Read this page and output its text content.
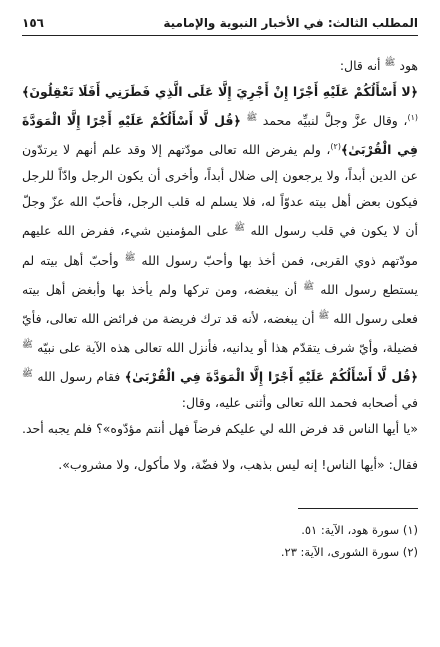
المطلب الثالث: في الأخبار النبوية والإمامية
١٥٦

هود $^ﷺ$ أنه قال:

﴿لا أَسْأَلُكُمْ عَلَيْهِ أَجْرًا إِنْ أَجْرِيَ إِلَّا عَلَى الَّذِي فَطَرَنِي أَفَلَا تَعْقِلُونَ﴾$^{(١)}$، وقال عزَّ وجلَّ لنبيِّه محمد $^ﷺ$ ﴿قُل لَّا أَسْأَلُكُمْ عَلَيْهِ أَجْرًا إِلَّا الْمَوَدَّةَ فِي الْقُرْبَىٰ﴾$^{(٢)}$، ولم يفرض الله تعالى مودّتهم إلا وقد علم أنهم لا يرتدّون عن الدين أبداً، ولا يرجعون إلى ضلال أبداً، وأخرى أن يكون الرجل وادّاً للرجل فيكون بعض أهل بيته عدوّاً له، فلا يسلم له قلب الرجل، فأحبّ الله عزّ وجلّ أن لا يكون في قلب رسول الله $^ﷺ$ على المؤمنين شيء، ففرض الله عليهم مودّتهم ذوي القربى، فمن أخذ بها وأحبّ رسول الله $^ﷺ$ وأحبّ أهل بيته لم يستطع رسول الله $^ﷺ$ أن يبغضه، ومن تركها ولم يأخذ بها وأبغض أهل بيته فعلى رسول الله $^ﷺ$ أن يبغضه، لأنه قد ترك فريضة من فرائض الله تعالى، فأيّ فضيلة، وأيّ شرف يتقدّم هذا أو يدانيه، فأنزل الله تعالى هذه الآية على نبيّه $^ﷺ$ ﴿قُل لَّا أَسْأَلُكُمْ عَلَيْهِ أَجْرًا إِلَّا الْمَوَدَّةَ فِي الْقُرْبَىٰ﴾ فقام رسول الله $^ﷺ$ في أصحابه فحمد الله تعالى وأثنى عليه، وقال:

«يا أيها الناس قد فرض الله لي عليكم فرضاً فهل أنتم مؤدّوه»؟ فلم يجبه أحد.

فقال: «أيها الناس! إنه ليس بذهب، ولا فضّة، ولا مأكول، ولا مشروب».

(١) سورة هود، الآية: ٥١.
(٢) سورة الشورى، الآية: ٢٣.
